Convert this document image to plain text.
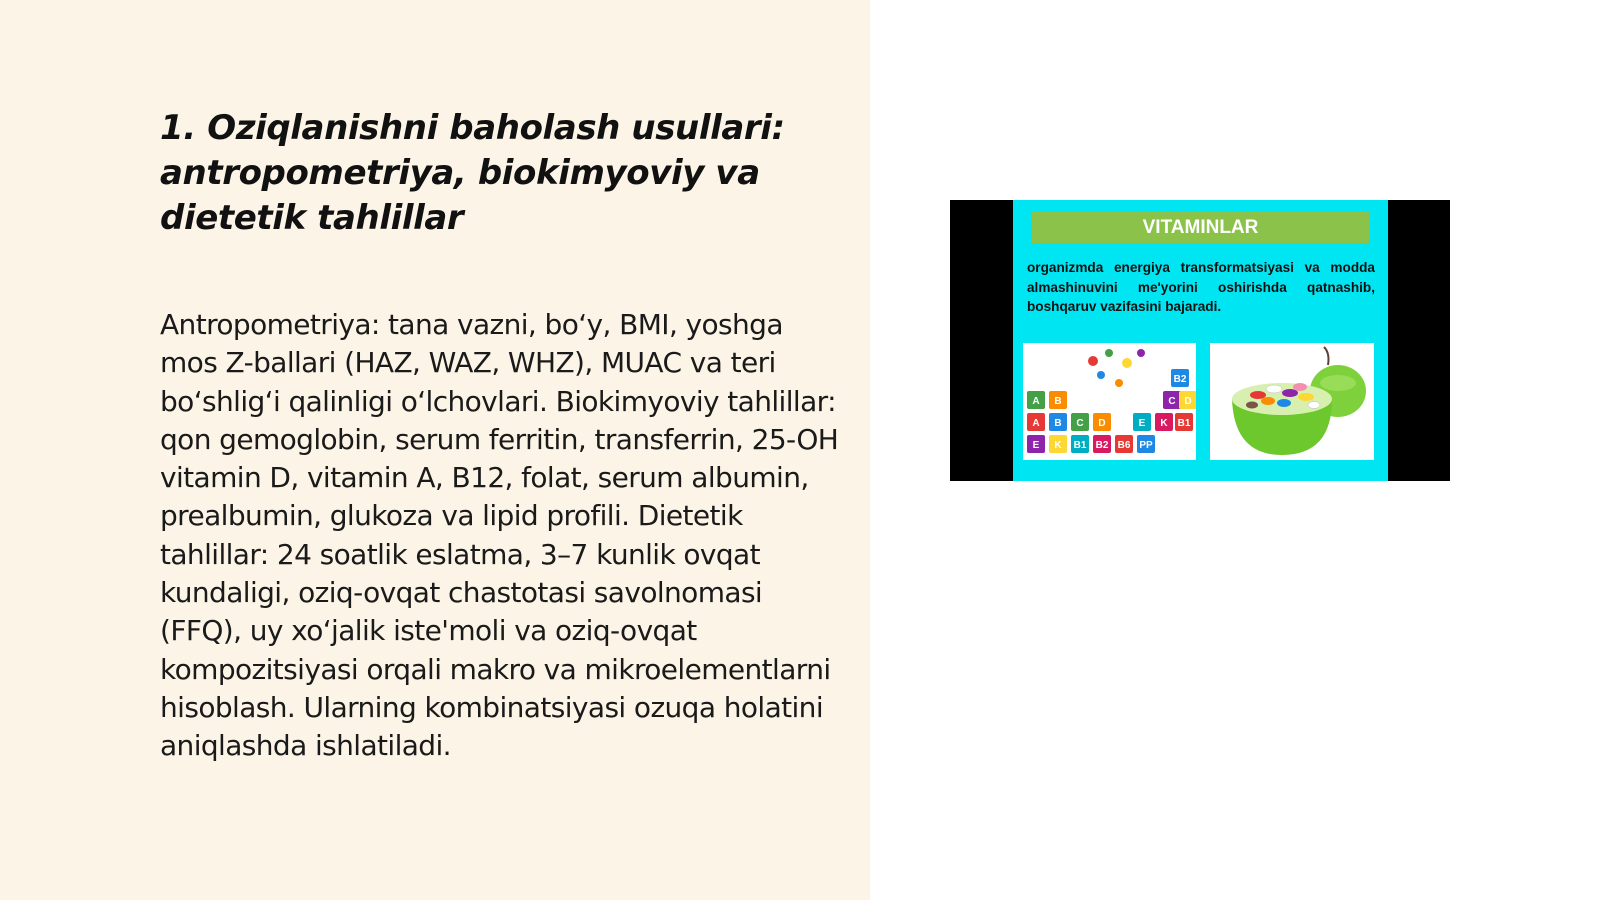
1. Oziqlanishni baholash usullari: antropometriya, biokimyoviy va dietetik tahlillar

Antropometriya: tana vazni, bo‘y, BMI, yoshga mos Z-ballari (HAZ, WAZ, WHZ), MUAC va teri bo‘shlig‘i qalinligi o‘lchovlari. Biokimyoviy tahlillar: qon gemoglobin, serum ferritin, transferrin, 25-OH vitamin D, vitamin A, B12, folat, serum albumin, prealbumin, glukoza va lipid profili. Dietetik tahlillar: 24 soatlik eslatma, 3–7 kunlik ovqat kundaligi, oziq-ovqat chastotasi savolnomasi (FFQ), uy xo‘jalik iste'moli va oziq-ovqat kompozitsiyasi orqali makro va mikroelementlarni hisoblash. Ularning kombinatsiyasi ozuqa holatini aniqlashda ishlatiladi.

VITAMINLAR

organizmda energiya transformatsiyasi va modda almashinuvini me'yorini oshirishda qatnashib, boshqaruv vazifasini bajaradi.

A B C D
E K B1 B2 B6 PP
A B	C D
E K B1
B2
